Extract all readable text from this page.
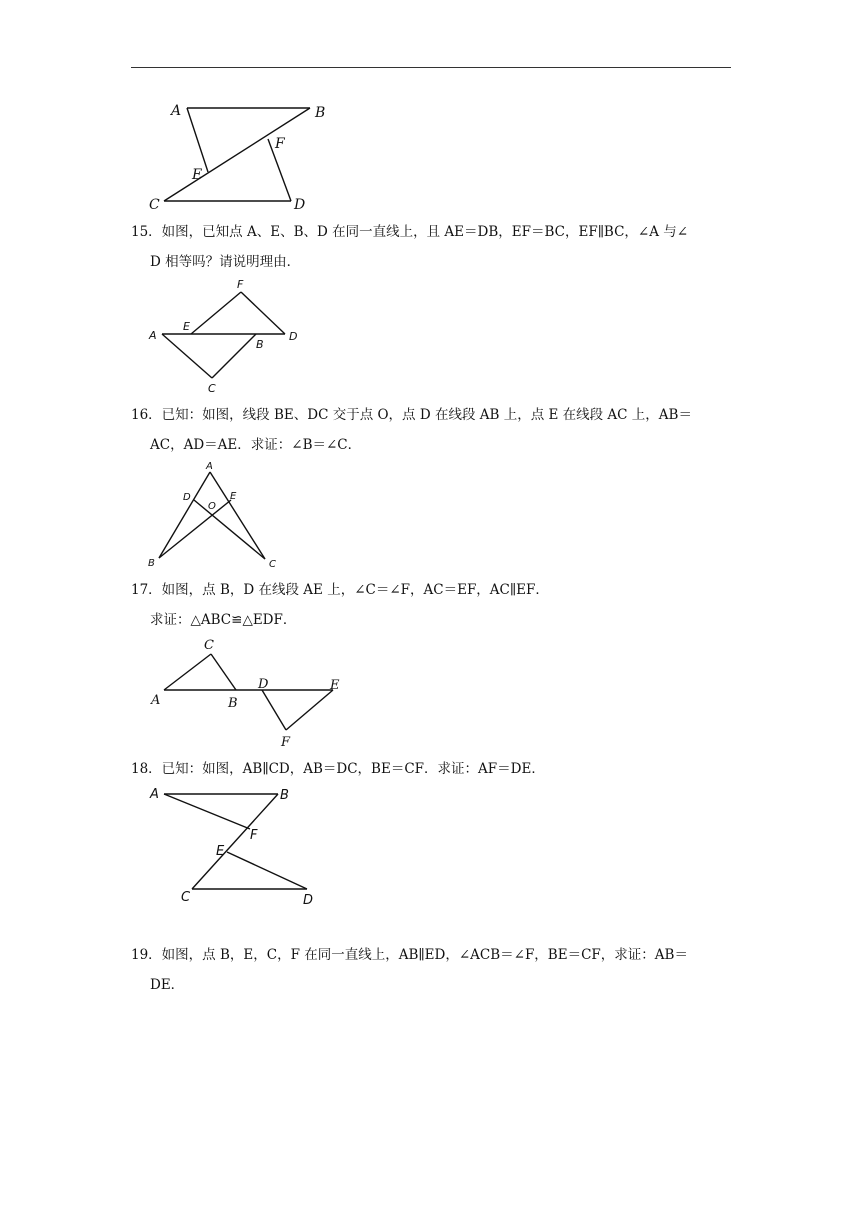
A	B
C	D
E
F

15．如图，已知点 A、E、B、D 在同一直线上，且 AE＝DB，EF＝BC，EF∥BC，∠A 与∠

D 相等吗？请说明理由．

A
E
F
B
D
C

16．已知：如图，线段 BE、DC 交于点 O，点 D 在线段 AB 上，点 E 在线段 AC 上，AB＝

AC，AD＝AE．求证：∠B＝∠C．

A
D
O
E
B	C

17．如图，点 B，D 在线段 AE 上，∠C＝∠F，AC＝EF，AC∥EF．

求证：△ABC≌△EDF．

C
A	B
D	E
F

18．已知：如图，AB∥CD，AB＝DC，BE＝CF．求证：AF＝DE．

A	B
F
E
C	D

19．如图，点 B，E，C，F 在同一直线上，AB∥ED，∠ACB＝∠F，BE＝CF，求证：AB＝

DE．
